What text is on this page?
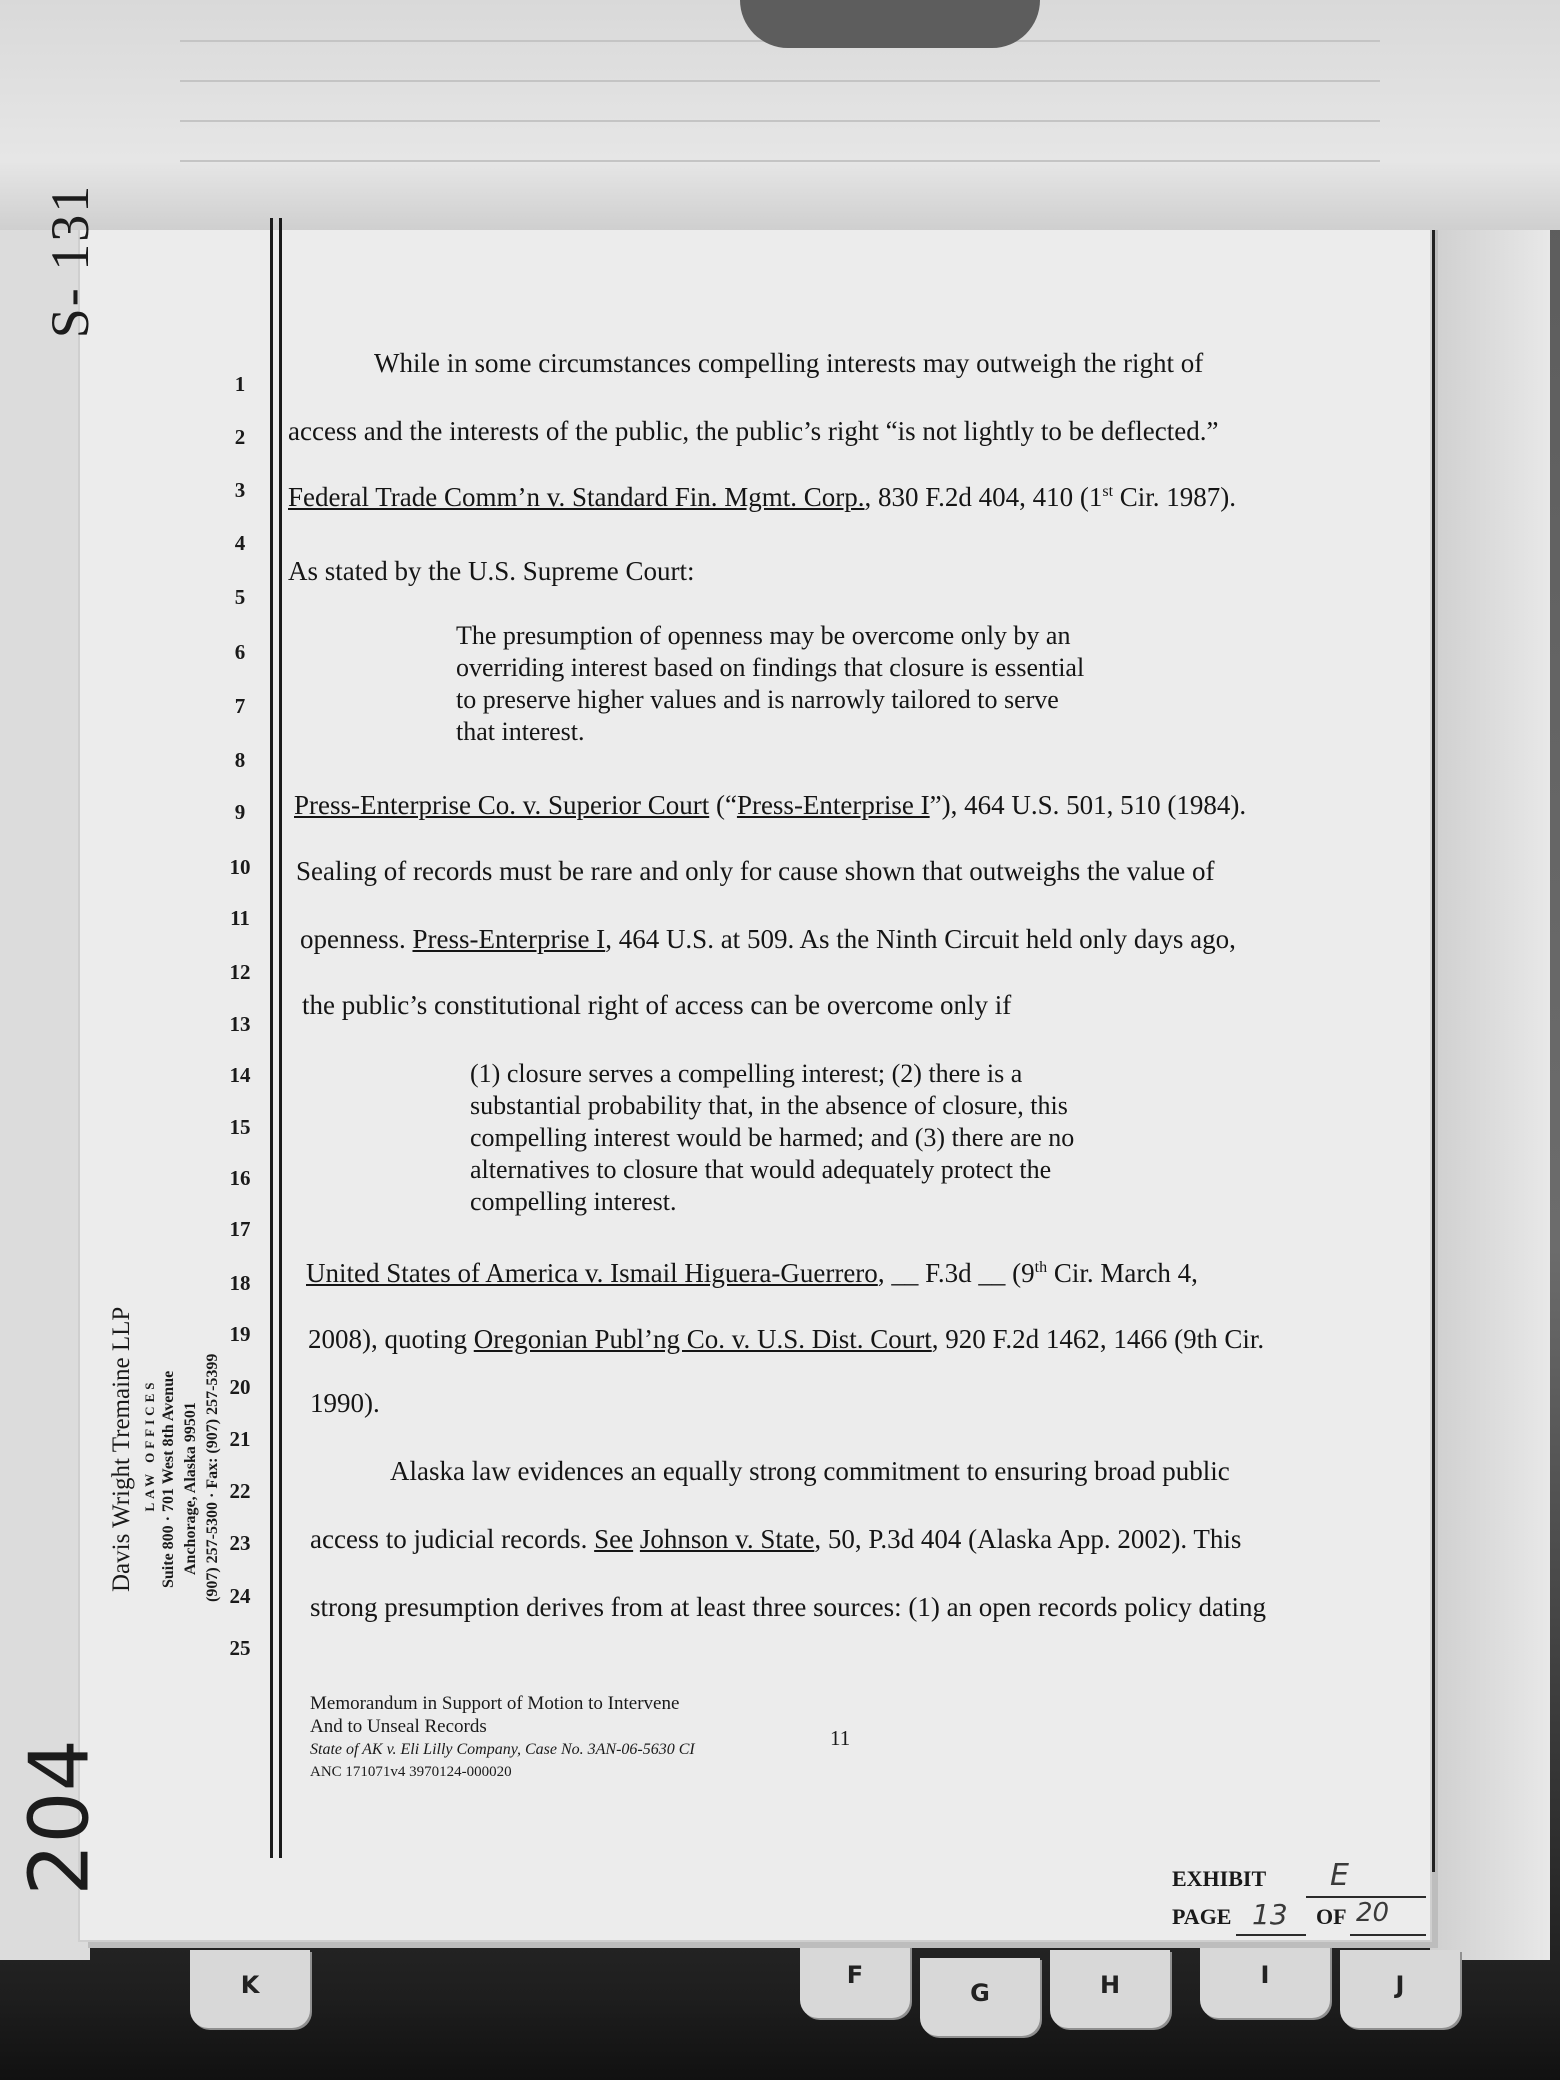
K	F
G	H	I	J
S- 131
204
Davis Wright Tremaine LLP LAW OFFICES Suite 800 · 701 West 8th Avenue Anchorage, Alaska 99501 (907) 257-5300 · Fax: (907) 257-5399
1
2
3
4
5
6
7
8
9
10
11
12
13
14
15
16
17
18
19
20
21
22
23
24
25
While in some circumstances compelling interests may outweigh the right of
access and the interests of the public, the public’s right “is not lightly to be deflected.”
Federal Trade Comm’n v. Standard Fin. Mgmt. Corp., 830 F.2d 404, 410 (1st Cir. 1987).
As stated by the U.S. Supreme Court:
The presumption of openness may be overcome only by an
overriding interest based on findings that closure is essential
to preserve higher values and is narrowly tailored to serve
that interest.
Press-Enterprise Co. v. Superior Court (“Press-Enterprise I”), 464 U.S. 501, 510 (1984).
Sealing of records must be rare and only for cause shown that outweighs the value of
openness. Press-Enterprise I, 464 U.S. at 509. As the Ninth Circuit held only days ago,
the public’s constitutional right of access can be overcome only if
(1) closure serves a compelling interest; (2) there is a
substantial probability that, in the absence of closure, this
compelling interest would be harmed; and (3) there are no
alternatives to closure that would adequately protect the
compelling interest.
United States of America v. Ismail Higuera-Guerrero, __ F.3d __ (9th Cir. March 4,
2008), quoting Oregonian Publ’ng Co. v. U.S. Dist. Court, 920 F.2d 1462, 1466 (9th Cir.
1990).
Alaska law evidences an equally strong commitment to ensuring broad public
access to judicial records. See Johnson v. State, 50, P.3d 404 (Alaska App. 2002). This
strong presumption derives from at least three sources: (1) an open records policy dating
Memorandum in Support of Motion to Intervene
And to Unseal Records
State of AK v. Eli Lilly Company, Case No. 3AN-06-5630 CI
ANC 171071v4 3970124-000020
11
EXHIBIT E
PAGE 13 OF 20
